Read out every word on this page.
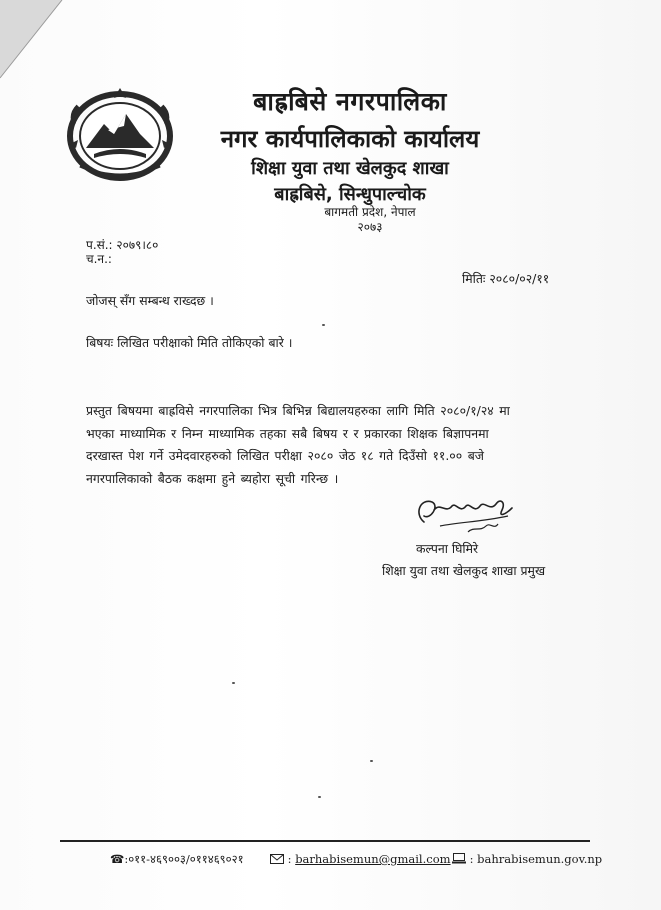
बाह्रबिसे नगरपालिका
नगर कार्यपालिकाको कार्यालय
शिक्षा युवा तथा खेलकुद शाखा
बाह्रबिसे, सिन्धुपाल्चोक
बागमती प्रदेश, नेपाल
२०७३
प.सं.: २०७९।८०
च.न.:
मितिः २०८०/०२/११
जोजस् सँग सम्बन्ध राख्दछ ।
बिषयः लिखित परीक्षाको मिति तोकिएको बारे ।
प्रस्तुत बिषयमा बाह्रविसे नगरपालिका भित्र बिभिन्न बिद्यालयहरुका लागि मिति २०८०/१/२४ मा
भएका माध्यामिक र निम्न माध्यामिक तहका सबै बिषय र र प्रकारका शिक्षक बिज्ञापनमा
दरखास्त पेश गर्ने उमेदवारहरुको लिखित परीक्षा २०८० जेठ १८ गते दिउँसो ११.०० बजे
नगरपालिकाको बैठक कक्षमा हुने ब्यहोरा सूची गरिन्छ ।
कल्पना घिमिरे
शिक्षा युवा तथा खेलकुद शाखा प्रमुख
☎:०११-४६९००३/०११४६९०२१	: barhabisemun@gmail.com	: bahrabisemun.gov.np
